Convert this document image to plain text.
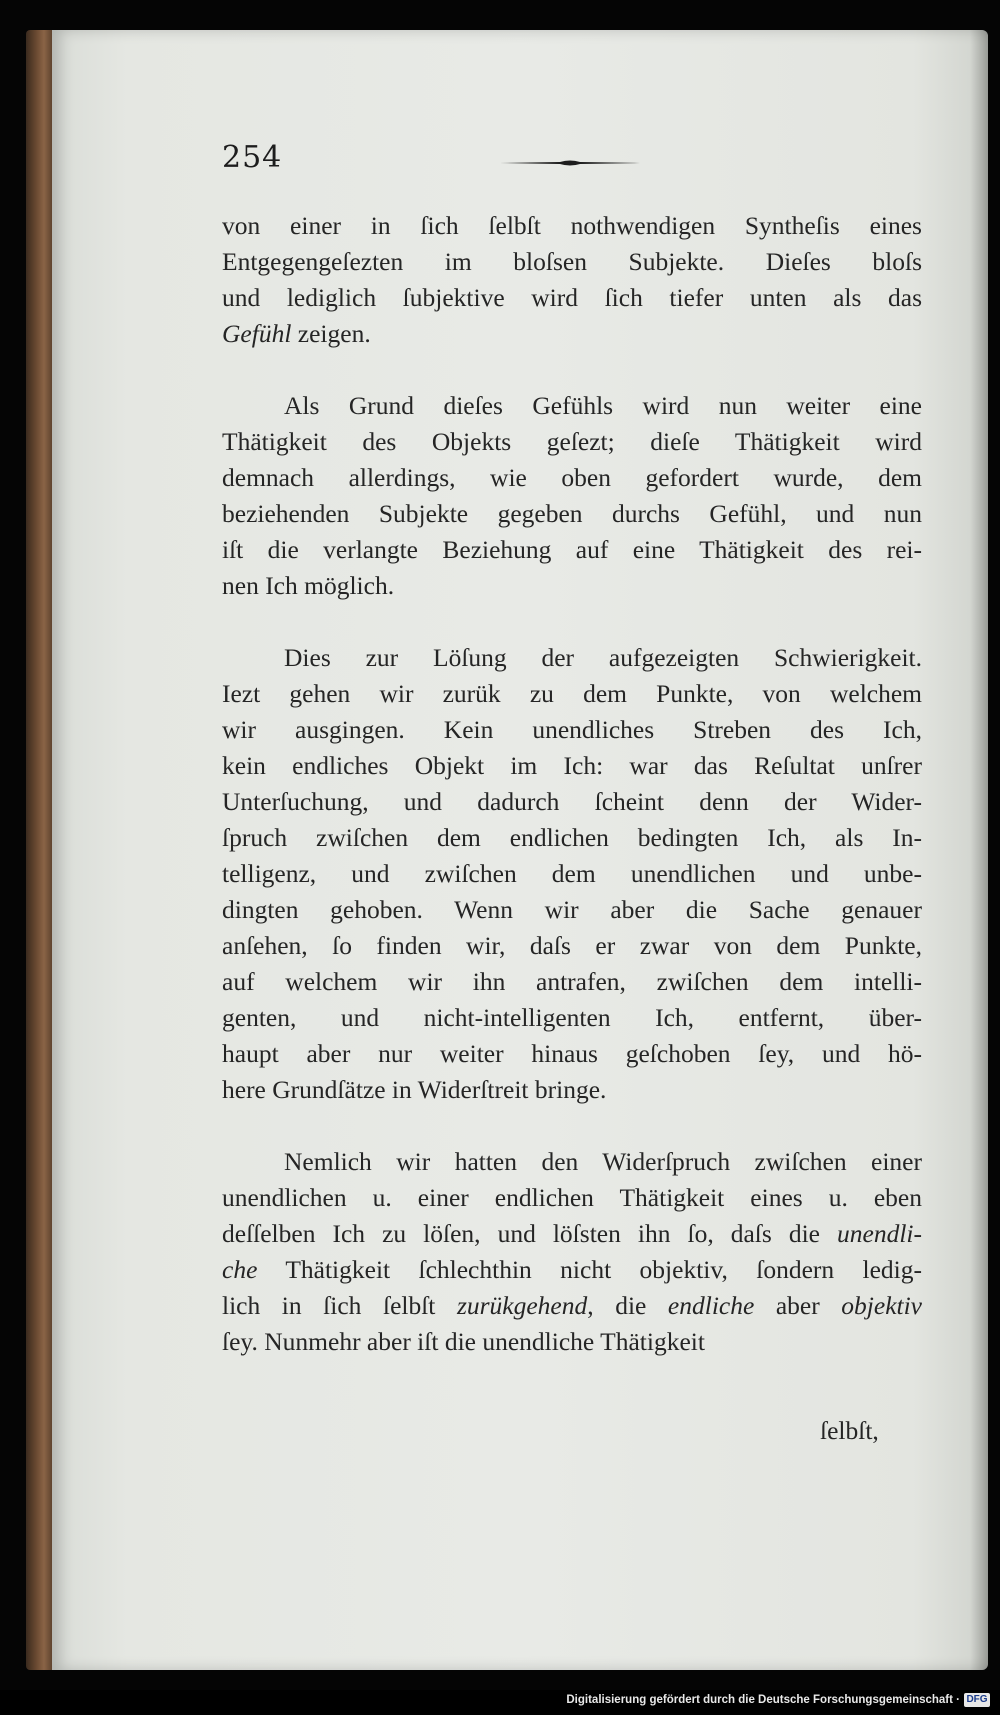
254
von einer in ſich ſelbſt nothwendigen Syntheſis eines
Entgegengeſezten im bloſsen Subjekte. Dieſes bloſs
und lediglich ſubjektive wird ſich tiefer unten als das
Gefühl zeigen.
Als Grund dieſes Gefühls wird nun weiter eine
Thätigkeit des Objekts geſezt; dieſe Thätigkeit wird
demnach allerdings, wie oben gefordert wurde, dem
beziehenden Subjekte gegeben durchs Gefühl, und nun
iſt die verlangte Beziehung auf eine Thätigkeit des rei-
nen Ich möglich.
Dies zur Löſung der aufgezeigten Schwierigkeit.
Iezt gehen wir zurük zu dem Punkte, von welchem
wir ausgingen. Kein unendliches Streben des Ich,
kein endliches Objekt im Ich: war das Reſultat unſrer
Unterſuchung, und dadurch ſcheint denn der Wider-
ſpruch zwiſchen dem endlichen bedingten Ich, als In-
telligenz, und zwiſchen dem unendlichen und unbe-
dingten gehoben. Wenn wir aber die Sache genauer
anſehen, ſo finden wir, daſs er zwar von dem Punkte,
auf welchem wir ihn antrafen, zwiſchen dem intelli-
genten, und nicht-intelligenten Ich, entfernt, über-
haupt aber nur weiter hinaus geſchoben ſey, und hö-
here Grundſätze in Widerſtreit bringe.
Nemlich wir hatten den Widerſpruch zwiſchen einer
unendlichen u. einer endlichen Thätigkeit eines u. eben
deſſelben Ich zu löſen, und löſsten ihn ſo, daſs die unendli-
che Thätigkeit ſchlechthin nicht objektiv, ſondern ledig-
lich in ſich ſelbſt zurükgehend, die endliche aber objektiv
ſey. Nunmehr aber iſt die unendliche Thätigkeit
ſelbſt,
Digitalisierung gefördert durch die Deutsche Forschungsgemeinschaft · DFG
